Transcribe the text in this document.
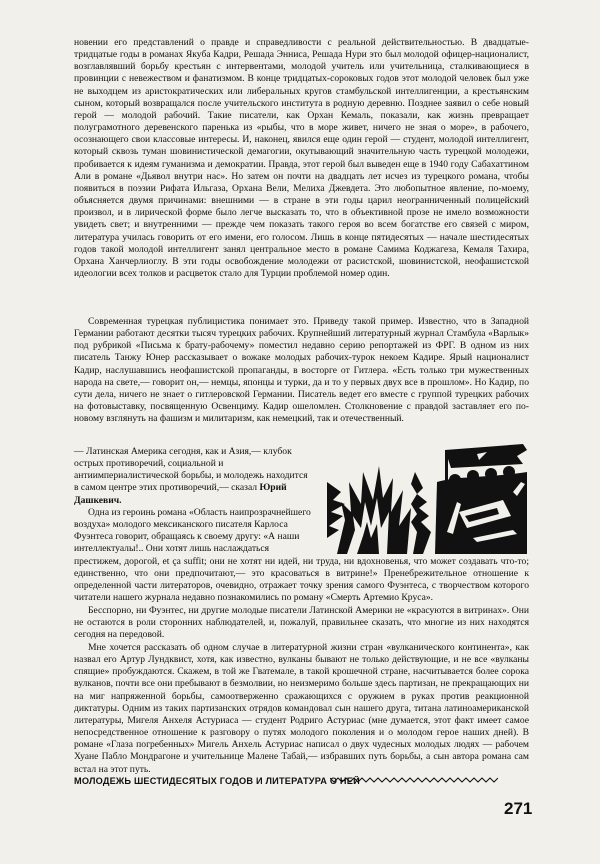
новении его представлений о правде и справедливости с реальной действительностью. В двадцатые-тридцатые годы в романах Якуба Кадри, Решада Энниса, Решада Нури это был молодой офицер-националист, возглавлявший борьбу крестьян с интервентами, молодой учитель или учительница, сталкивающиеся в провинции с невежеством и фанатизмом. В конце тридцатых-сороковых годов этот молодой человек был уже не выходцем из аристократических или либеральных кругов стамбульской интеллигенции, а крестьянским сыном, который возвращался после учительского института в родную деревню. Позднее заявил о себе новый герой — молодой рабочий. Такие писатели, как Орхан Кемаль, показали, как жизнь превращает полуграмотного деревенского паренька из «рыбы, что в море живет, ничего не зная о море», в рабочего, осознающего свои классовые интересы. И, наконец, явился еще один герой — студент, молодой интеллигент, который сквозь туман шовинистической демагогии, окутывающий значительную часть турецкой молодежи, пробивается к идеям гуманизма и демократии. Правда, этот герой был выведен еще в 1940 году Сабахаттином Али в романе «Дьявол внутри нас». Но затем он почти на двадцать лет исчез из турецкого романа, чтобы появиться в поэзии Рифата Ильгаза, Орхана Вели, Мелиха Джевдета. Это любопытное явление, по-моему, объясняется двумя причинами: внешними — в стране в эти годы царил неогранниченный полицейский произвол, и в лирической форме было легче высказать то, что в объективной прозе не имело возможности увидеть свет; и внутренними — прежде чем показать такого героя во всем богатстве его связей с миром, литература училась говорить от его имени, его голосом. Лишь в конце пятидесятых — начале шестидесятых годов такой молодой интеллигент занял центральное место в романе Самима Коджагеза, Кемаля Тахира, Орхана Ханчерлиоглу. В эти годы освобождение молодежи от расистской, шовинистской, неофашистской идеологии всех толков и расцветок стало для Турции проблемой номер один.

Современная турецкая публицистика понимает это. Приведу такой пример. Известно, что в Западной Германии работают десятки тысяч турецких рабочих. Крупнейший литературный журнал Стамбула «Варлык» под рубрикой «Письма к брату-рабочему» поместил недавно серию репортажей из ФРГ. В одном из них писатель Танжу Юнер рассказывает о вожаке молодых рабочих-турок некоем Кадире. Ярый националист Кадир, наслушавшись неофашистской пропаганды, в восторге от Гитлера. «Есть только три мужественных народа на свете,— говорит он,— немцы, японцы и турки, да и то у первых двух все в прошлом». Но Кадир, по сути дела, ничего не знает о гитлеровской Германии. Писатель ведет его вместе с группой турецких рабочих на фотовыставку, посвященную Освенциму. Кадир ошеломлен. Столкновение с правдой заставляет его по-новому взглянуть на фашизм и милитаризм, как немецкий, так и отечественный.

— Латинская Америка сегодня, как и Азия,— клубок острых противоречий, социальной и антиимпериалистической борьбы, и молодежь находится в самом центре этих противоречий,— сказал Юрий Дашкевич.

Одна из героинь романа «Область наипрозрачнейшего воздуха» молодого мексиканского писателя Карлоса Фуэнтеса говорит, обращаясь к своему другу: «А наши интеллектуалы!.. Они хотят лишь наслаждаться

престижем, дорогой, et ça suffit; они не хотят ни идей, ни труда, ни вдохновенья, что может создавать что-то; единственно, что они предпочитают,— это красоваться в витрине!» Пренебрежительное отношение к определенной части литераторов, очевидно, отражает точку зрения самого Фуэнтеса, с творчеством которого читатели нашего журнала недавно познакомились по роману «Смерть Артемио Круса».

Бесспорно, ни Фуэнтес, ни другие молодые писатели Латинской Америки не «красуются в витринах». Они не остаются в роли сторонних наблюдателей, и, пожалуй, правильнее сказать, что многие из них находятся сегодня на передовой.

Мне хочется рассказать об одном случае в литературной жизни стран «вулканического континента», как назвал его Артур Лундквист, хотя, как известно, вулканы бывают не только действующие, и не все «вулканы спящие» пробуждаются. Скажем, в той же Гватемале, в такой крошечной стране, насчитывается более сорока вулканов, почти все они пребывают в безмолвии, но неизмеримо больше здесь партизан, не прекращающих ни на миг напряженной борьбы, самоотверженно сражающихся с оружием в руках против реакционной диктатуры. Одним из таких партизанских отрядов командовал сын нашего друга, титана латиноамериканской литературы, Мигеля Анхеля Астуриаса — студент Родриго Астуриас (мне думается, этот факт имеет самое непосредственное отношение к разговору о путях молодого поколения и о молодом герое наших дней). В романе «Глаза погребенных» Мигель Анхель Астуриас написал о двух чудесных молодых людях — рабочем Хуане Пабло Мондрагоне и учительнице Малене Табай,— избравших путь борьбы, а сын автора романа сам встал на этот путь.

МОЛОДЕЖЬ ШЕСТИДЕСЯТЫХ ГОДОВ И ЛИТЕРАТУРА О НЕЙ
271
